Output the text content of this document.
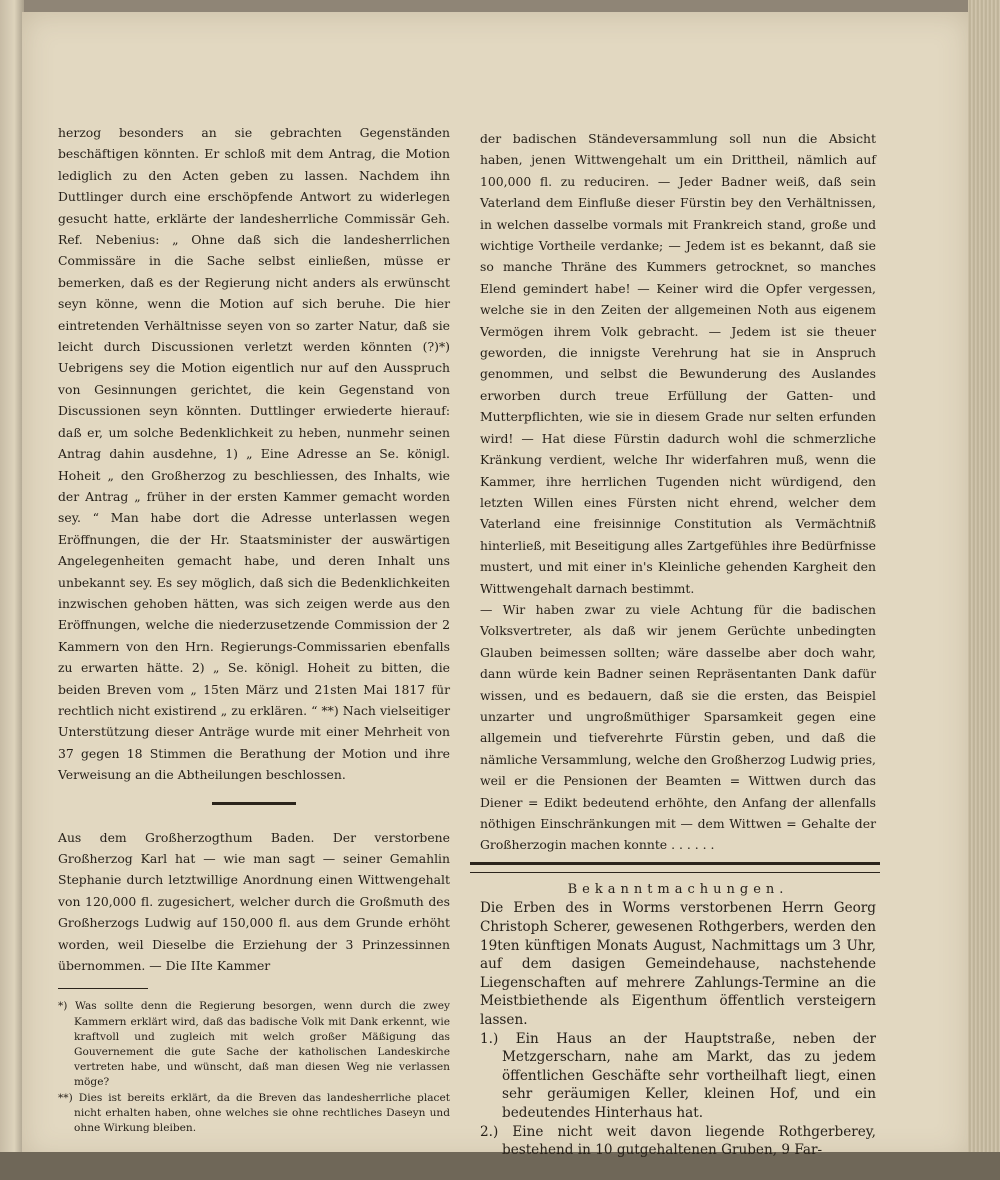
herzog besonders an sie gebrachten Gegenständen beschäftigen könnten. Er schloß mit dem Antrag, die Motion lediglich zu den Acten geben zu lassen. Nachdem ihn Duttlinger durch eine erschöpfende Antwort zu widerlegen gesucht hatte, erklärte der landesherrliche Commissär Geh. Ref. Nebenius: „ Ohne daß sich die landesherrlichen Commissäre in die Sache selbst einließen, müsse er bemerken, daß es der Regierung nicht anders als erwünscht seyn könne, wenn die Motion auf sich beruhe. Die hier eintretenden Verhältnisse seyen von so zarter Natur, daß sie leicht durch Discussionen verletzt werden könnten (?)*) Uebrigens sey die Motion eigentlich nur auf den Ausspruch von Gesinnungen gerichtet, die kein Gegenstand von Discussionen seyn könnten. Duttlinger erwiederte hierauf: daß er, um solche Bedenklichkeit zu heben, nunmehr seinen Antrag dahin ausdehne, 1) „ Eine Adresse an Se. königl. Hoheit „ den Großherzog zu beschliessen, des Inhalts, wie der Antrag „ früher in der ersten Kammer gemacht worden sey. “ Man habe dort die Adresse unterlassen wegen Eröffnungen, die der Hr. Staatsminister der auswärtigen Angelegenheiten gemacht habe, und deren Inhalt uns unbekannt sey. Es sey möglich, daß sich die Bedenklichkeiten inzwischen gehoben hätten, was sich zeigen werde aus den Eröffnungen, welche die niederzusetzende Commission der 2 Kammern von den Hrn. Regierungs-Commissarien ebenfalls zu erwarten hätte. 2) „ Se. königl. Hoheit zu bitten, die beiden Breven vom „ 15ten März und 21sten Mai 1817 für rechtlich nicht existirend „ zu erklären. “ **) Nach vielseitiger Unterstützung dieser Anträge wurde mit einer Mehrheit von 37 gegen 18 Stimmen die Berathung der Motion und ihre Verweisung an die Abtheilungen beschlossen.

Aus dem Großherzogthum Baden. Der verstorbene Großherzog Karl hat — wie man sagt — seiner Gemahlin Stephanie durch letztwillige Anordnung einen Wittwengehalt von 120,000 fl. zugesichert, welcher durch die Großmuth des Großherzogs Ludwig auf 150,000 fl. aus dem Grunde erhöht worden, weil Dieselbe die Erziehung der 3 Prinzessinnen übernommen. — Die IIte Kammer

*) Was sollte denn die Regierung besorgen, wenn durch die zwey Kammern erklärt wird, daß das badische Volk mit Dank erkennt, wie kraftvoll und zugleich mit welch großer Mäßigung das Gouvernement die gute Sache der katholischen Landeskirche vertreten habe, und wünscht, daß man diesen Weg nie verlassen möge?

**) Dies ist bereits erklärt, da die Breven das landesherrliche placet nicht erhalten haben, ohne welches sie ohne rechtliches Daseyn und ohne Wirkung bleiben.

der badischen Ständeversammlung soll nun die Absicht haben, jenen Wittwengehalt um ein Drittheil, nämlich auf 100,000 fl. zu reduciren. — Jeder Badner weiß, daß sein Vaterland dem Einfluße dieser Fürstin bey den Verhältnissen, in welchen dasselbe vormals mit Frankreich stand, große und wichtige Vortheile verdanke; — Jedem ist es bekannt, daß sie so manche Thräne des Kummers getrocknet, so manches Elend gemindert habe! — Keiner wird die Opfer vergessen, welche sie in den Zeiten der allgemeinen Noth aus eigenem Vermögen ihrem Volk gebracht. — Jedem ist sie theuer geworden, die innigste Verehrung hat sie in Anspruch genommen, und selbst die Bewunderung des Auslandes erworben durch treue Erfüllung der Gatten- und Mutterpflichten, wie sie in diesem Grade nur selten erfunden wird! — Hat diese Fürstin dadurch wohl die schmerzliche Kränkung verdient, welche Ihr widerfahren muß, wenn die Kammer, ihre herrlichen Tugenden nicht würdigend, den letzten Willen eines Fürsten nicht ehrend, welcher dem Vaterland eine freisinnige Constitution als Vermächtniß hinterließ, mit Beseitigung alles Zartgefühles ihre Bedürfnisse mustert, und mit einer in's Kleinliche gehenden Kargheit den Wittwengehalt darnach bestimmt.

— Wir haben zwar zu viele Achtung für die badischen Volksvertreter, als daß wir jenem Gerüchte unbedingten Glauben beimessen sollten; wäre dasselbe aber doch wahr, dann würde kein Badner seinen Repräsentanten Dank dafür wissen, und es bedauern, daß sie die ersten, das Beispiel unzarter und ungroßmüthiger Sparsamkeit gegen eine allgemein und tiefverehrte Fürstin geben, und daß die nämliche Versammlung, welche den Großherzog Ludwig pries, weil er die Pensionen der Beamten = Wittwen durch das Diener = Edikt bedeutend erhöhte, den Anfang der allenfalls nöthigen Einschränkungen mit — dem Wittwen = Gehalte der Großherzogin machen konnte . . . . . .

Bekanntmachungen.

Die Erben des in Worms verstorbenen Herrn Georg Christoph Scherer, gewesenen Rothgerbers, werden den 19ten künftigen Monats August, Nachmittags um 3 Uhr, auf dem dasigen Gemeindehause, nachstehende Liegenschaften auf mehrere Zahlungs-Termine an die Meistbiethende als Eigenthum öffentlich versteigern lassen.

1.) Ein Haus an der Hauptstraße, neben der Metzgerscharn, nahe am Markt, das zu jedem öffentlichen Geschäfte sehr vortheilhaft liegt, einen sehr geräumigen Keller, kleinen Hof, und ein bedeutendes Hinterhaus hat.

2.) Eine nicht weit davon liegende Rothgerberey, bestehend in 10 gutgehaltenen Gruben, 9 Far-
